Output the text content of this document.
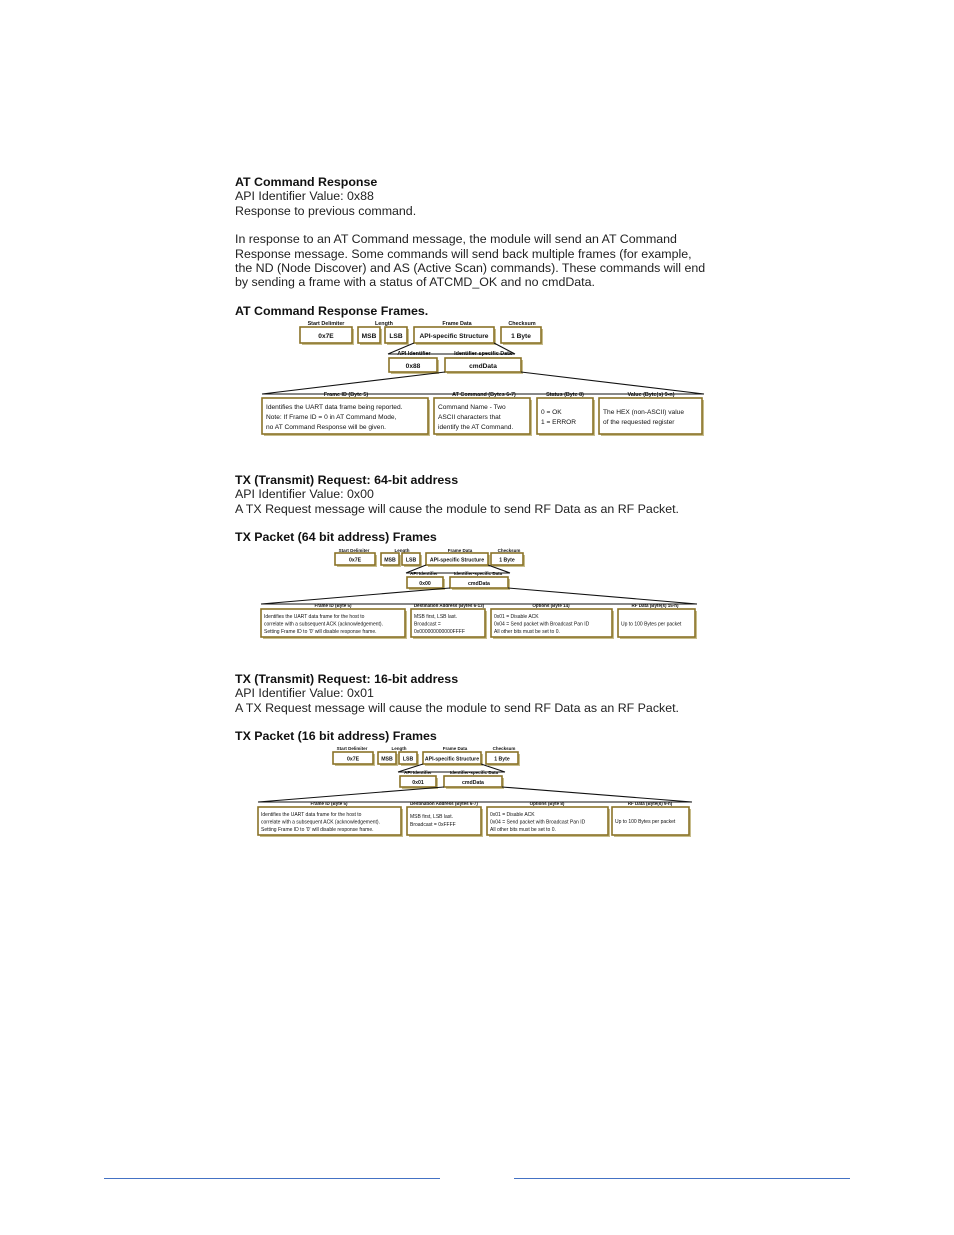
AT Command Response

API Identifier Value: 0x88

Response to previous command.

In response to an AT Command message, the module will send an AT Command

Response message. Some commands will send back multiple frames (for example,

the ND (Node Discover) and AS (Active Scan) commands). These commands will end

by sending a frame with a status of ATCMD_OK and no cmdData.

AT Command Response Frames.

TX (Transmit) Request: 64-bit address

API Identifier Value: 0x00

A TX Request message will cause the module to send RF Data as an RF Packet.

TX Packet (64 bit address) Frames

TX (Transmit) Request: 16-bit address

API Identifier Value: 0x01

A TX Request message will cause the module to send RF Data as an RF Packet.

TX Packet (16 bit address) Frames

Start Delimiter	Length	Frame Data	Checksum
0x7E	MSB LSB	API-specific Structure	1 Byte
API Identifier	Identifier-specific Data
0x88	cmdData
Frame ID (Byte 5)	AT Command (Bytes 6-7)	Status (Byte 8)	Value (Byte(s) 9-n)
Identifies the UART data frame being reported.
Note: If Frame ID = 0 in AT Command Mode,
no AT Command Response will be given.
Command Name - Two
ASCII characters that
identify the AT Command.
0 = OK
1 = ERROR
The HEX (non-ASCII) value
of the requested register
Start Delimiter	Length	Frame Data	Checksum
0x7E	MSB LSB	API-specific Structure	1 Byte
API Identifier	Identifier-specific Data
0x00	cmdData
Frame ID (Byte 5)	Destination Address (Bytes 6-13)	Options (Byte 14)	RF Data (Byte(s) 15-n)
Identifies the UART data frame for the host to
correlate with a subsequent ACK (acknowledgement).
Setting Frame ID to '0' will disable response frame.
MSB first, LSB last.
Broadcast =
0x000000000000FFFF
0x01 = Disable ACK
0x04 = Send packet with Broadcast Pan ID
All other bits must be set to 0.
Up to 100 Bytes per packet
Start Delimiter	Length	Frame Data	Checksum
0x7E	MSB LSB API-specific Structure	1 Byte
API Identifier	Identifier-specific Data
0x01	cmdData
Frame ID (Byte 5)	Destination Address (Bytes 6-7)	Options (Byte 8)	RF Data (Byte(s) 9-n)
Identifies the UART data frame for the host to
correlate with a subsequent ACK (acknowledgement).
Setting Frame ID to '0' will disable response frame.
MSB first, LSB last.
Broadcast = 0xFFFF
0x01 = Disable ACK
0x04 = Send packet with Broadcast Pan ID
All other bits must be set to 0.
Up to 100 Bytes per packet
